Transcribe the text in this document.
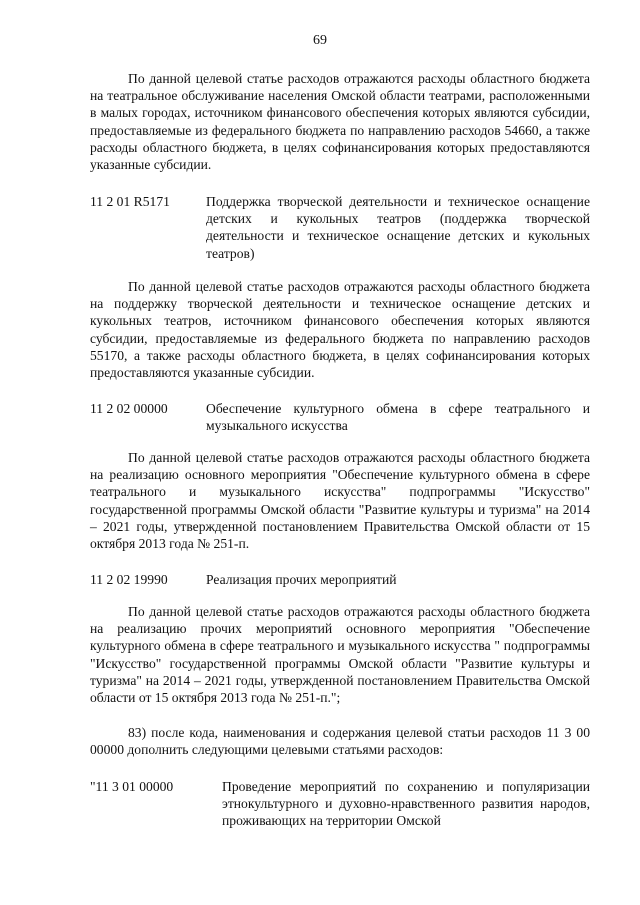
69

По данной целевой статье расходов отражаются расходы областного бюджета на театральное обслуживание населения Омской области театрами, расположенными в малых городах, источником финансового обеспечения которых являются субсидии, предоставляемые из федерального бюджета по направлению расходов 54660, а также расходы областного бюджета, в целях софинансирования которых предоставляются указанные субсидии.

11 2 01 R5171	Поддержка творческой деятельности и техническое оснащение детских и кукольных театров (поддержка творческой деятельности и техническое оснащение детских и кукольных театров)

По данной целевой статье расходов отражаются расходы областного бюджета на поддержку творческой деятельности и техническое оснащение детских и кукольных театров, источником финансового обеспечения которых являются субсидии, предоставляемые из федерального бюджета по направлению расходов 55170, а также расходы областного бюджета, в целях софинансирования которых предоставляются указанные субсидии.

11 2 02 00000	Обеспечение культурного обмена в сфере театрального и музыкального искусства

По данной целевой статье расходов отражаются расходы областного бюджета на реализацию основного мероприятия "Обеспечение культурного обмена в сфере театрального и музыкального искусства" подпрограммы "Искусство" государственной программы Омской области "Развитие культуры и туризма" на 2014 – 2021 годы, утвержденной постановлением Правительства Омской области от 15 октября 2013 года № 251-п.

11 2 02 19990	Реализация прочих мероприятий

По данной целевой статье расходов отражаются расходы областного бюджета на реализацию прочих мероприятий основного мероприятия "Обеспечение культурного обмена в сфере театрального и музыкального искусства " подпрограммы "Искусство" государственной программы Омской области "Развитие культуры и туризма" на 2014 – 2021 годы, утвержденной постановлением Правительства Омской области от 15 октября 2013 года № 251-п.";

83) после кода, наименования и содержания целевой статьи расходов 11 3 00 00000 дополнить следующими целевыми статьями расходов:

"11 3 01 00000	Проведение мероприятий по сохранению и популяризации этнокультурного и духовно-нравственного развития народов, проживающих на территории Омской
